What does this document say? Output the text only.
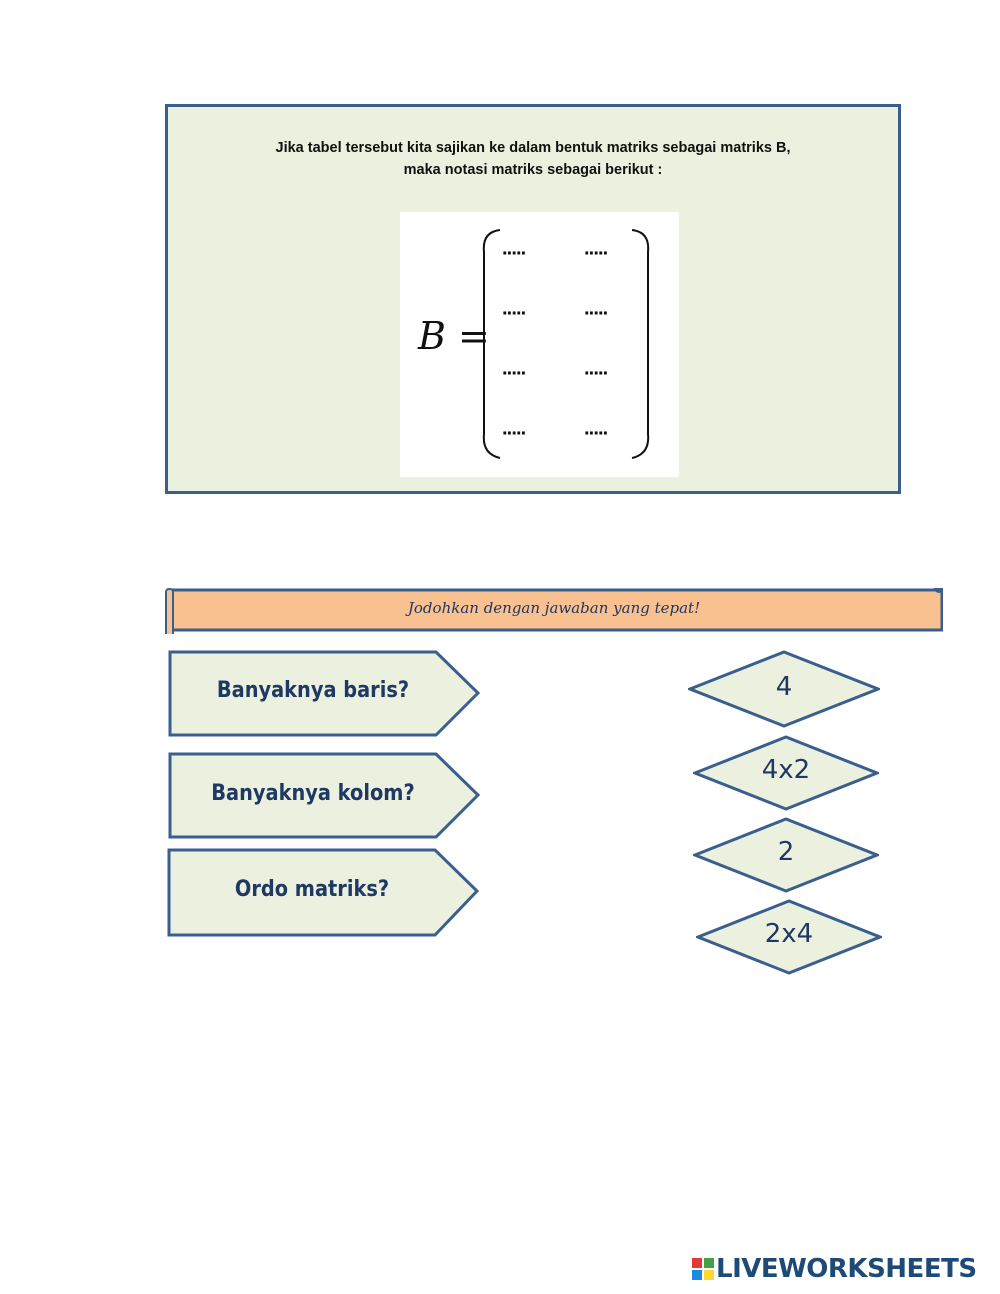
Jika tabel tersebut kita sajikan ke dalam bentuk matriks sebagai matriks B,
maka notasi matriks sebagai berikut :
B =
·····	·····
·····	·····
·····	·····
·····	·····
Jodohkan dengan jawaban yang tepat!
Banyaknya baris?
Banyaknya kolom?
Ordo matriks?
4
4x2
2
2x4
LIVEWORKSHEETS
